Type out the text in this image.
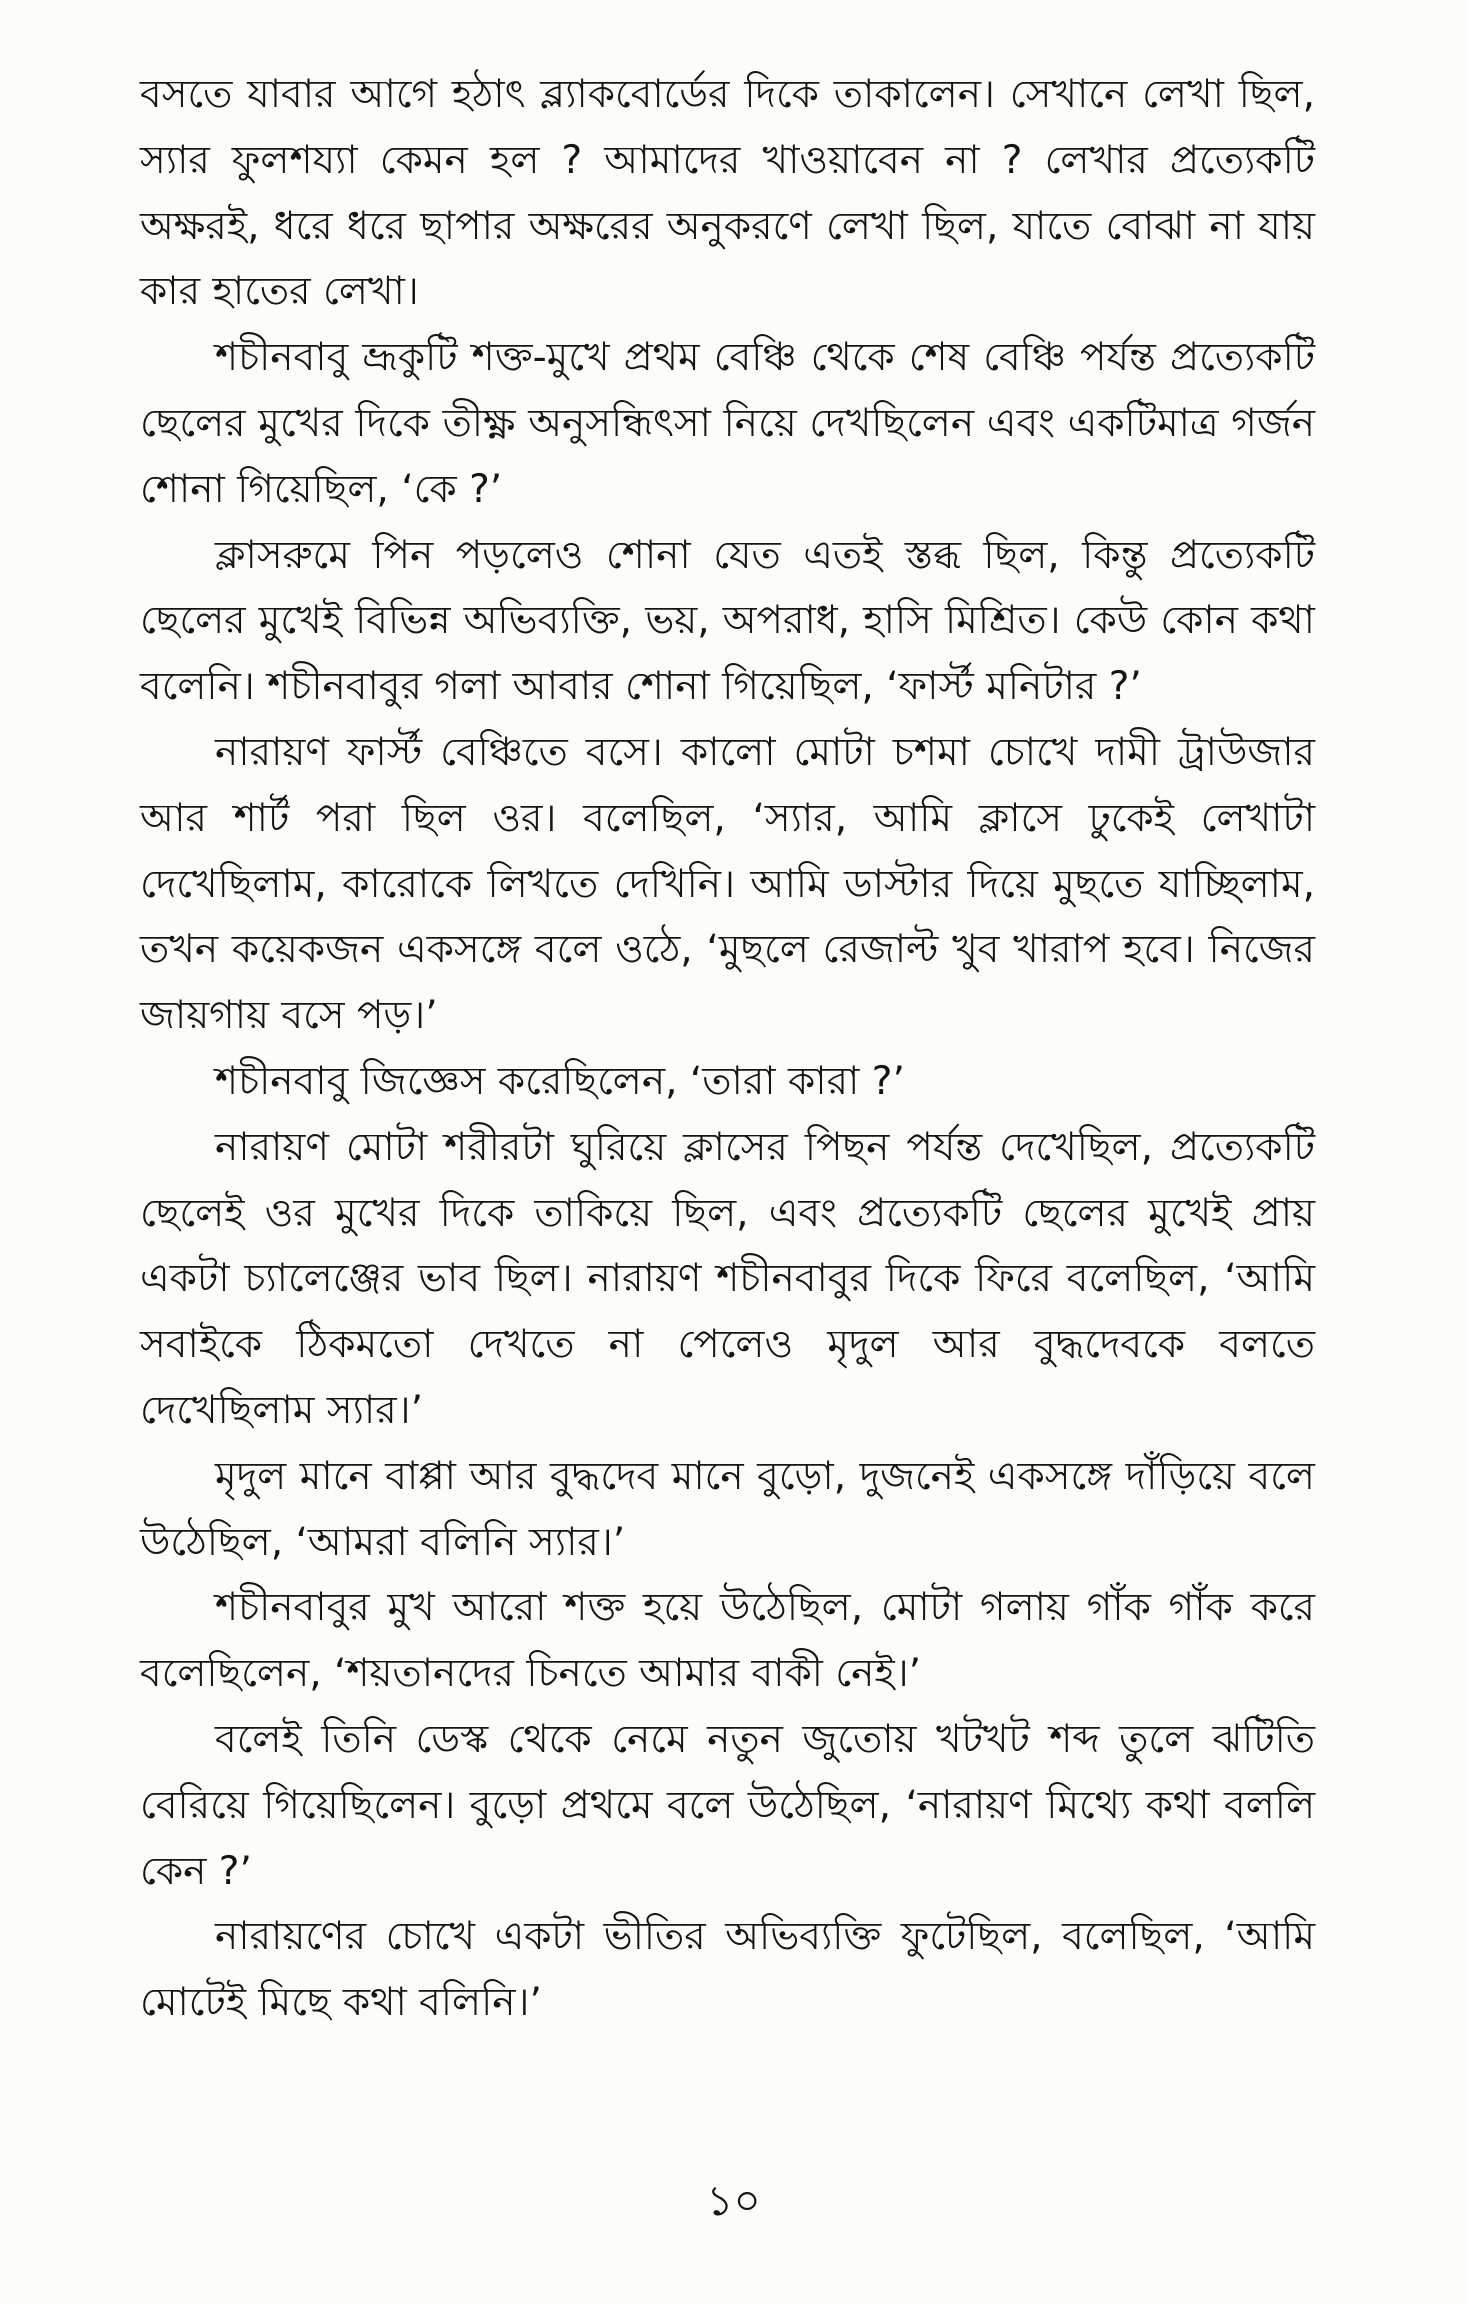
বসতে যাবার আগে হঠাৎ ব্ল্যাকবোর্ডের দিকে তাকালেন। সেখানে লেখা ছিল, স্যার ফুলশয্যা কেমন হল ? আমাদের খাওয়াবেন না ? লেখার প্রত্যেকটি অক্ষরই, ধরে ধরে ছাপার অক্ষরের অনুকরণে লেখা ছিল, যাতে বোঝা না যায় কার হাতের লেখা।

শচীনবাবু ভ্রূকুটি শক্ত-মুখে প্রথম বেঞ্চি থেকে শেষ বেঞ্চি পর্যন্ত প্রত্যেকটি ছেলের মুখের দিকে তীক্ষ্ণ অনুসন্ধিৎসা নিয়ে দেখছিলেন এবং একটিমাত্র গর্জন শোনা গিয়েছিল, ‘কে ?’

ক্লাসরুমে পিন পড়লেও শোনা যেত এতই স্তব্ধ ছিল, কিন্তু প্রত্যেকটি ছেলের মুখেই বিভিন্ন অভিব্যক্তি, ভয়, অপরাধ, হাসি মিশ্রিত। কেউ কোন কথা বলেনি। শচীনবাবুর গলা আবার শোনা গিয়েছিল, ‘ফার্স্ট মনিটার ?’

নারায়ণ ফার্স্ট বেঞ্চিতে বসে। কালো মোটা চশমা চোখে দামী ট্রাউজার আর শার্ট পরা ছিল ওর। বলেছিল, ‘স্যার, আমি ক্লাসে ঢুকেই লেখাটা দেখেছিলাম, কারোকে লিখতে দেখিনি। আমি ডাস্টার দিয়ে মুছতে যাচ্ছিলাম, তখন কয়েকজন একসঙ্গে বলে ওঠে, ‘মুছলে রেজাল্ট খুব খারাপ হবে। নিজের জায়গায় বসে পড়।’

শচীনবাবু জিজ্ঞেস করেছিলেন, ‘তারা কারা ?’

নারায়ণ মোটা শরীরটা ঘুরিয়ে ক্লাসের পিছন পর্যন্ত দেখেছিল, প্রত্যেকটি ছেলেই ওর মুখের দিকে তাকিয়ে ছিল, এবং প্রত্যেকটি ছেলের মুখেই প্রায় একটা চ্যালেঞ্জের ভাব ছিল। নারায়ণ শচীনবাবুর দিকে ফিরে বলেছিল, ‘আমি সবাইকে ঠিকমতো দেখতে না পেলেও মৃদুল আর বুদ্ধদেবকে বলতে দেখেছিলাম স্যার।’

মৃদুল মানে বাপ্পা আর বুদ্ধদেব মানে বুড়ো, দুজনেই একসঙ্গে দাঁড়িয়ে বলে উঠেছিল, ‘আমরা বলিনি স্যার।’

শচীনবাবুর মুখ আরো শক্ত হয়ে উঠেছিল, মোটা গলায় গাঁক গাঁক করে বলেছিলেন, ‘শয়তানদের চিনতে আমার বাকী নেই।’

বলেই তিনি ডেস্ক থেকে নেমে নতুন জুতোয় খটখট শব্দ তুলে ঝটিতি বেরিয়ে গিয়েছিলেন। বুড়ো প্রথমে বলে উঠেছিল, ‘নারায়ণ মিথ্যে কথা বললি কেন ?’

নারায়ণের চোখে একটা ভীতির অভিব্যক্তি ফুটেছিল, বলেছিল, ‘আমি মোটেই মিছে কথা বলিনি।’

১০
